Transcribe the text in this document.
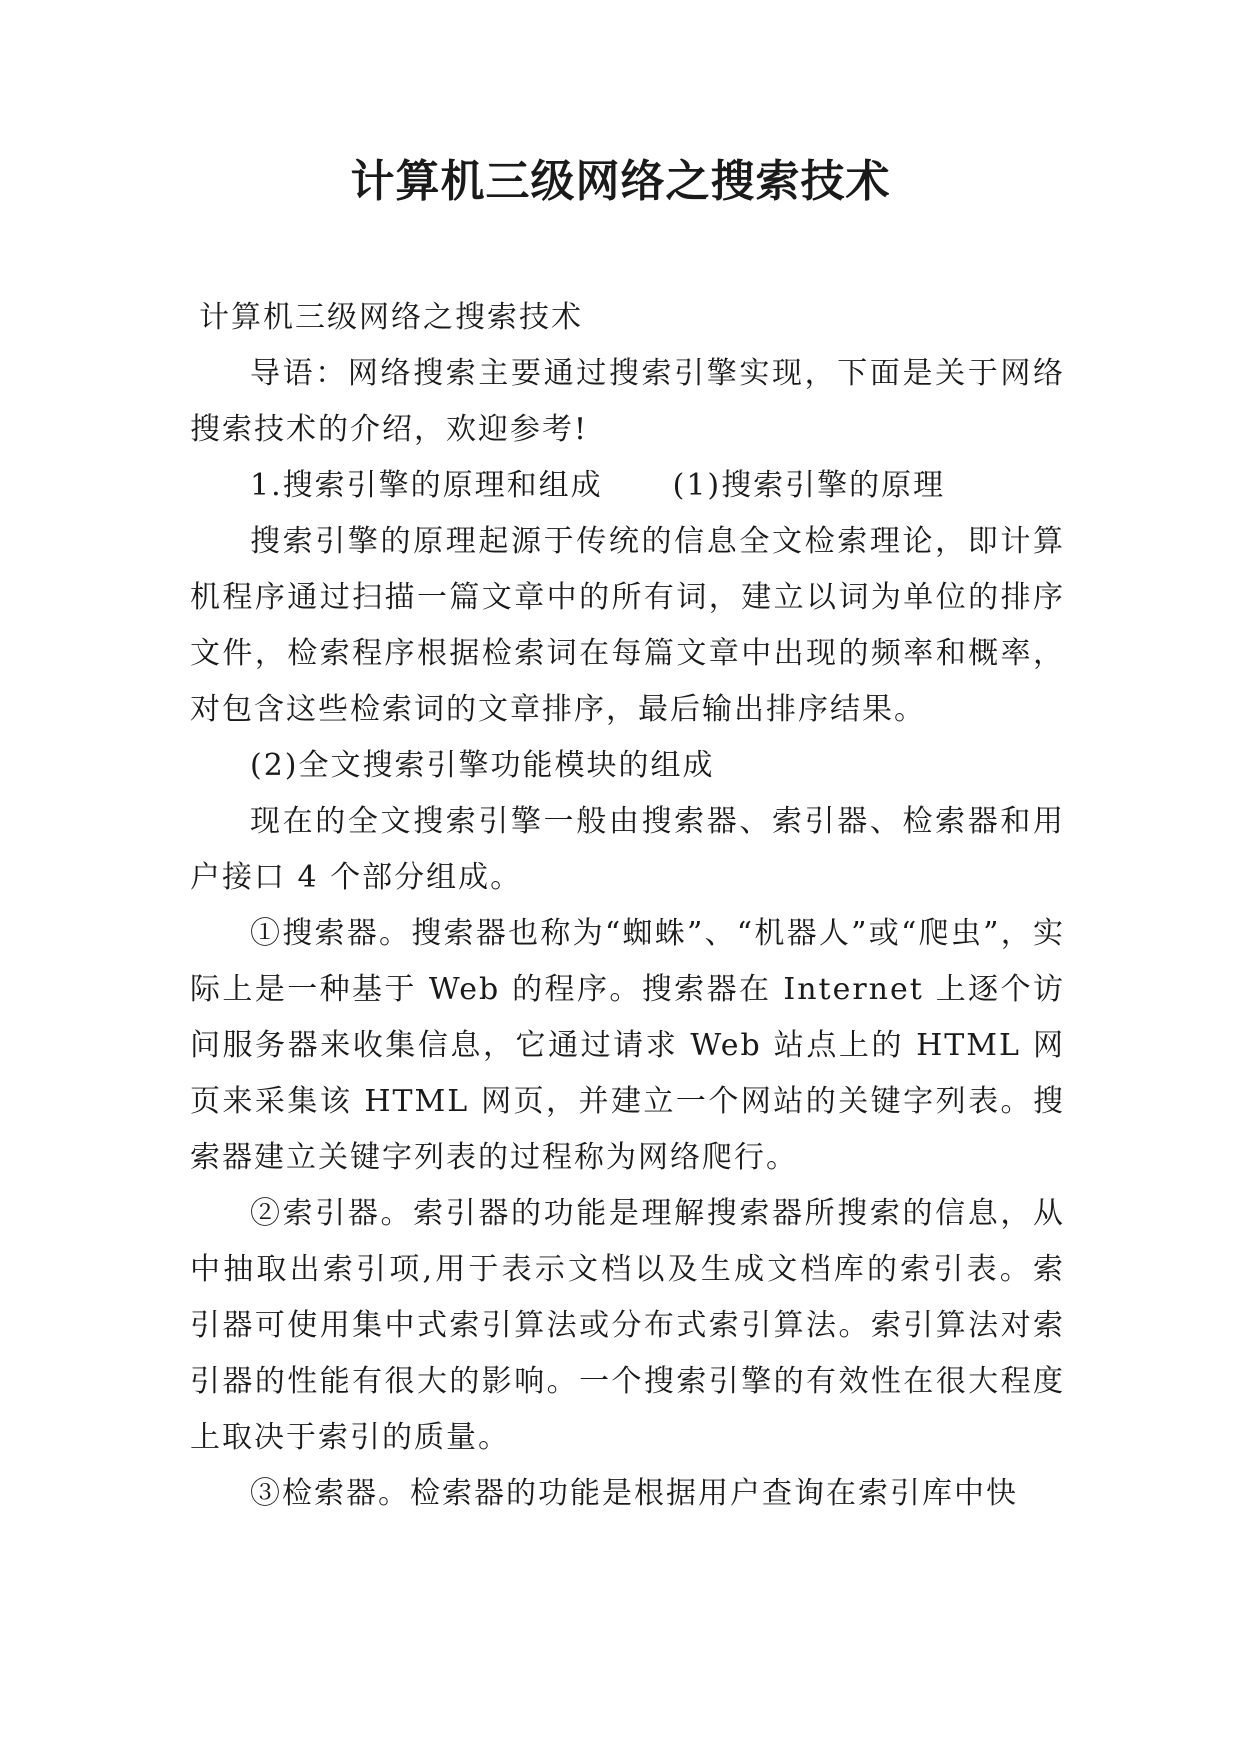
计算机三级网络之搜索技术

计算机三级网络之搜索技术

导语：网络搜索主要通过搜索引擎实现，下面是关于网络搜索技术的介绍，欢迎参考!

1.搜索引擎的原理和组成 (1)搜索引擎的原理

搜索引擎的原理起源于传统的信息全文检索理论，即计算机程序通过扫描一篇文章中的所有词，建立以词为单位的排序文件，检索程序根据检索词在每篇文章中出现的频率和概率，对包含这些检索词的文章排序，最后输出排序结果。

(2)全文搜索引擎功能模块的组成

现在的全文搜索引擎一般由搜索器、索引器、检索器和用户接口 4 个部分组成。

①搜索器。搜索器也称为“蜘蛛”、“机器人”或“爬虫”，实际上是一种基于 Web 的程序。搜索器在 Internet 上逐个访问服务器来收集信息，它通过请求 Web 站点上的 HTML 网页来采集该 HTML 网页，并建立一个网站的关键字列表。搜索器建立关键字列表的过程称为网络爬行。

②索引器。索引器的功能是理解搜索器所搜索的信息，从中抽取出索引项,用于表示文档以及生成文档库的索引表。索引器可使用集中式索引算法或分布式索引算法。索引算法对索引器的性能有很大的影响。一个搜索引擎的有效性在很大程度上取决于索引的质量。

③检索器。检索器的功能是根据用户查询在索引库中快
